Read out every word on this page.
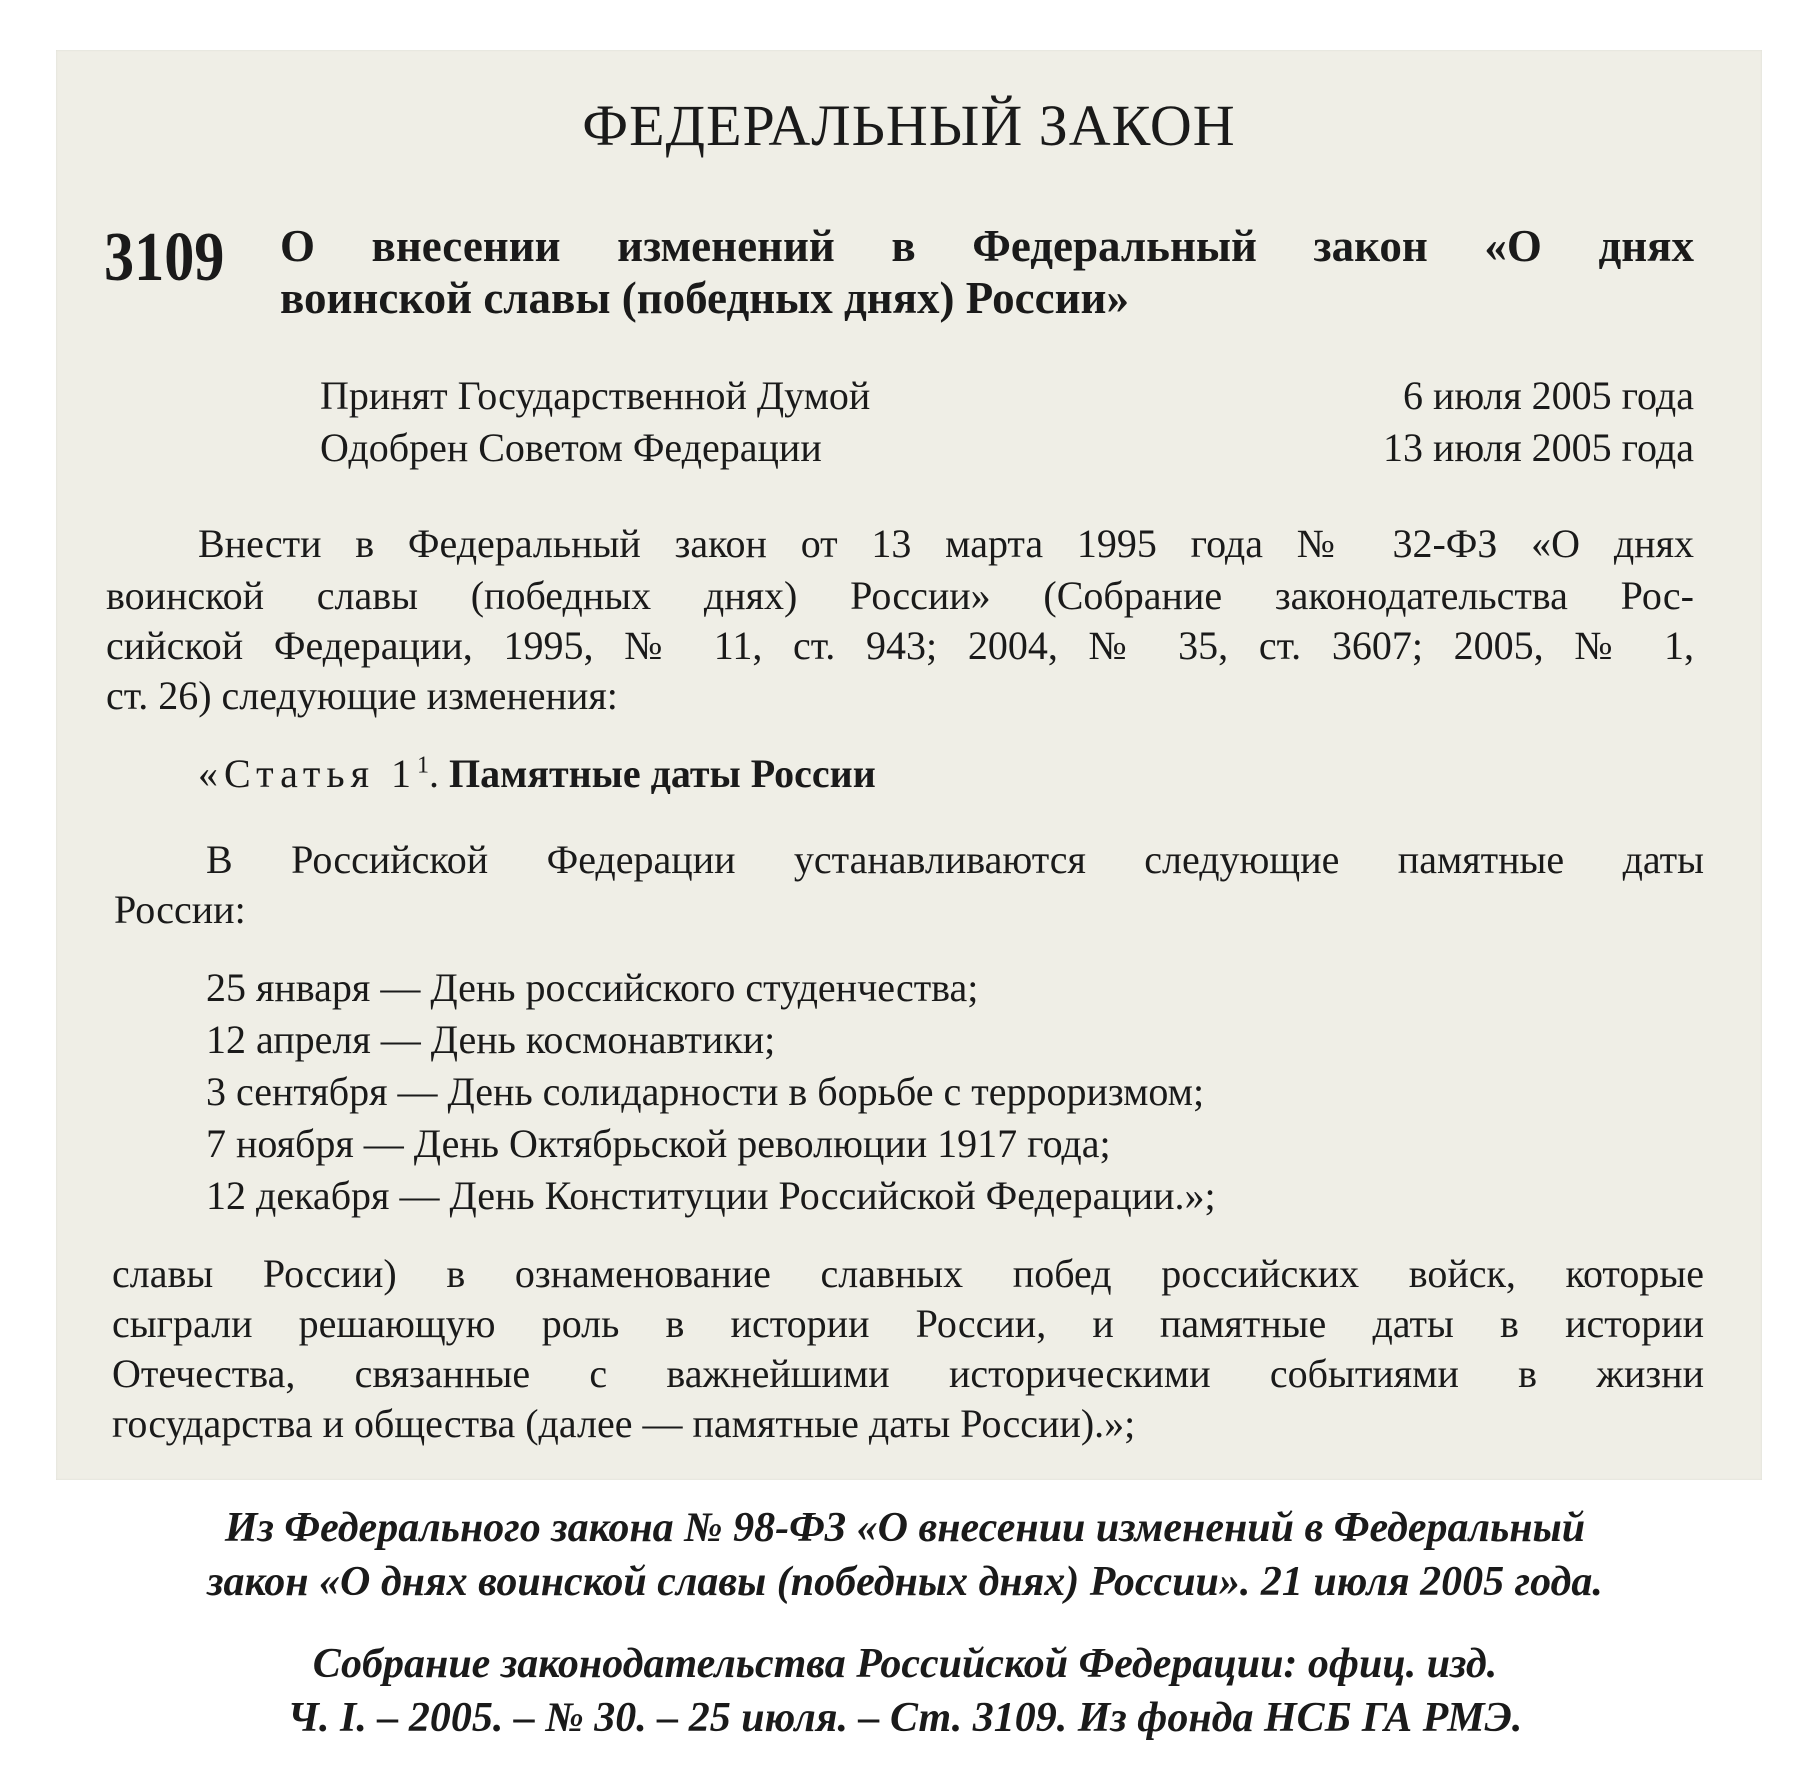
ФЕДЕРАЛЬНЫЙ ЗАКОН

3109 О внесении изменений в Федеральный закон «О днях

воинской славы (победных днях) России»

Принят Государственной Думой	6 июля 2005 года
Одобрен Советом Федерации	13 июля 2005 года

Внести в Федеральный закон от 13 марта 1995 года № 32-ФЗ «О днях

воинской славы (победных днях) России» (Собрание законодательства Рос-

сийской Федерации, 1995, № 11, ст. 943; 2004, № 35, ст. 3607; 2005, № 1,

ст. 26) следующие изменения:

«Статья $1^1$. Памятные даты России

В Российской Федерации устанавливаются следующие памятные даты

России:

25 января — День российского студенчества;

12 апреля — День космонавтики;

3 сентября — День солидарности в борьбе с терроризмом;

7 ноября — День Октябрьской революции 1917 года;

12 декабря — День Конституции Российской Федерации.»;

славы России) в ознаменование славных побед российских войск, которые

сыграли решающую роль в истории России, и памятные даты в истории

Отечества, связанные с важнейшими историческими событиями в жизни

государства и общества (далее — памятные даты России).»;

Из Федерального закона № 98-ФЗ «О внесении изменений в Федеральный

закон «О днях воинской славы (победных днях) России». 21 июля 2005 года.

Собрание законодательства Российской Федерации: офиц. изд.

Ч. I. – 2005. – № 30. – 25 июля. – Ст. 3109. Из фонда НСБ ГА РМЭ.
